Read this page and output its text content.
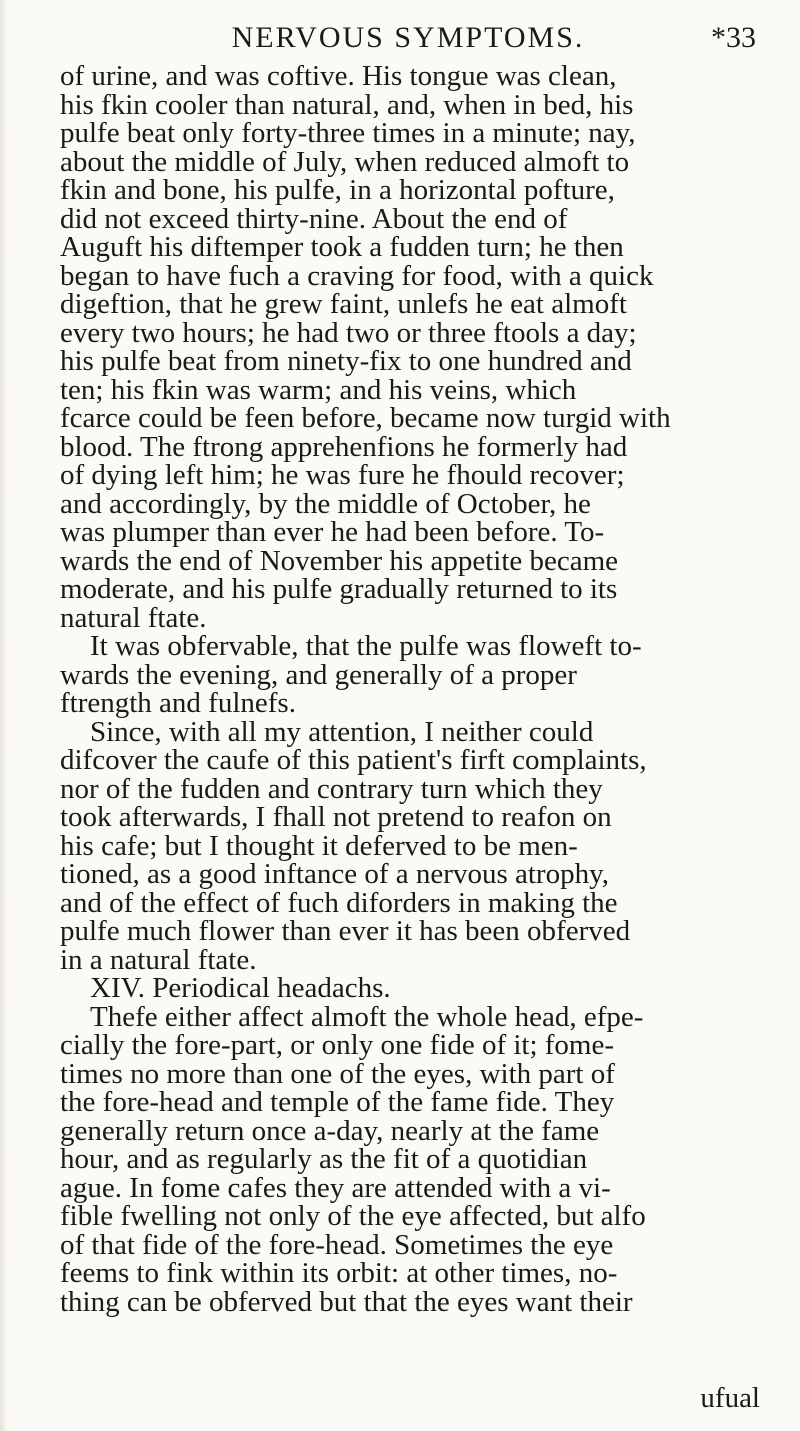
NERVOUS SYMPTOMS.	*33
of urine, and was coftive. His tongue was clean,
his fkin cooler than natural, and, when in bed, his
pulfe beat only forty-three times in a minute; nay,
about the middle of July, when reduced almoft to
fkin and bone, his pulfe, in a horizontal pofture,
did not exceed thirty-nine. About the end of
Auguft his diftemper took a fudden turn; he then
began to have fuch a craving for food, with a quick
digeftion, that he grew faint, unlefs he eat almoft
every two hours; he had two or three ftools a day;
his pulfe beat from ninety-fix to one hundred and
ten; his fkin was warm; and his veins, which
fcarce could be feen before, became now turgid with
blood. The ftrong apprehenfions he formerly had
of dying left him; he was fure he fhould recover;
and accordingly, by the middle of October, he
was plumper than ever he had been before. To-
wards the end of November his appetite became
moderate, and his pulfe gradually returned to its
natural ftate.
It was obfervable, that the pulfe was floweft to-
wards the evening, and generally of a proper
ftrength and fulnefs.
Since, with all my attention, I neither could
difcover the caufe of this patient's firft complaints,
nor of the fudden and contrary turn which they
took afterwards, I fhall not pretend to reafon on
his cafe; but I thought it deferved to be men-
tioned, as a good inftance of a nervous atrophy,
and of the effect of fuch diforders in making the
pulfe much flower than ever it has been obferved
in a natural ftate.
XIV. Periodical headachs.
Thefe either affect almoft the whole head, efpe-
cially the fore-part, or only one fide of it; fome-
times no more than one of the eyes, with part of
the fore-head and temple of the fame fide. They
generally return once a-day, nearly at the fame
hour, and as regularly as the fit of a quotidian
ague. In fome cafes they are attended with a vi-
fible fwelling not only of the eye affected, but alfo
of that fide of the fore-head. Sometimes the eye
feems to fink within its orbit: at other times, no-
thing can be obferved but that the eyes want their
ufual
